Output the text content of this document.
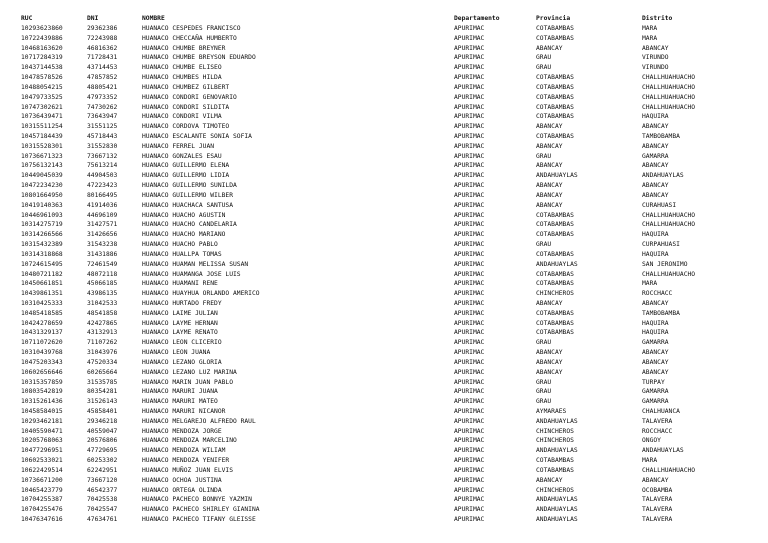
RUC	DNI	NOMBRE	Departamento	Provincia	Distrito
10293623860	29362386	HUANACO CESPEDES FRANCISCO	APURIMAC	COTABAMBAS	MARA
10722439886	72243988	HUANACO CHECCAÑA HUMBERTO	APURIMAC	COTABAMBAS	MARA
10468163620	46816362	HUANACO CHUMBE BREYNER	APURIMAC	ABANCAY	ABANCAY
10717284319	71728431	HUANACO CHUMBE BREYSON EDUARDO	APURIMAC	GRAU	VIRUNDO
10437144538	43714453	HUANACO CHUMBE ELISEO	APURIMAC	GRAU	VIRUNDO
10478578526	47857852	HUANACO CHUMBES HILDA	APURIMAC	COTABAMBAS	CHALLHUAHUACHO
10488054215	48805421	HUANACO CHUMBEZ GILBERT	APURIMAC	COTABAMBAS	CHALLHUAHUACHO
10479733525	47973352	HUANACO CONDORI GENOVARIO	APURIMAC	COTABAMBAS	CHALLHUAHUACHO
10747302621	74730262	HUANACO CONDORI SILDITA	APURIMAC	COTABAMBAS	CHALLHUAHUACHO
10736439471	73643947	HUANACO CONDORI VILMA	APURIMAC	COTABAMBAS	HAQUIRA
10315511254	31551125	HUANACO CORDOVA TIMOTEO	APURIMAC	ABANCAY	ABANCAY
10457184439	45718443	HUANACO ESCALANTE SONIA SOFIA	APURIMAC	COTABAMBAS	TAMBOBAMBA
10315528301	31552830	HUANACO FERREL JUAN	APURIMAC	ABANCAY	ABANCAY
10736671323	73667132	HUANACO GONZALES ESAU	APURIMAC	GRAU	GAMARRA
10756132143	75613214	HUANACO GUILLERMO ELENA	APURIMAC	ABANCAY	ABANCAY
10449045039	44904503	HUANACO GUILLERMO LIDIA	APURIMAC	ANDAHUAYLAS	ANDAHUAYLAS
10472234230	47223423	HUANACO GUILLERMO SUNILDA	APURIMAC	ABANCAY	ABANCAY
10801664950	80166495	HUANACO GUILLERMO WILBER	APURIMAC	ABANCAY	ABANCAY
10419140363	41914036	HUANACO HUACHACA SANTUSA	APURIMAC	ABANCAY	CURAHUASI
10446961093	44696109	HUANACO HUACHO AGUSTIN	APURIMAC	COTABAMBAS	CHALLHUAHUACHO
10314275719	31427571	HUANACO HUACHO CANDELARIA	APURIMAC	COTABAMBAS	CHALLHUAHUACHO
10314266566	31426656	HUANACO HUACHO MARIANO	APURIMAC	COTABAMBAS	HAQUIRA
10315432389	31543238	HUANACO HUACHO PABLO	APURIMAC	GRAU	CURPAHUASI
10314318868	31431886	HUANACO HUALLPA TOMAS	APURIMAC	COTABAMBAS	HAQUIRA
10724615495	72461549	HUANACO HUAMAN MELISSA SUSAN	APURIMAC	ANDAHUAYLAS	SAN JERONIMO
10480721182	48072118	HUANACO HUAMANGA JOSE LUIS	APURIMAC	COTABAMBAS	CHALLHUAHUACHO
10450661851	45066185	HUANACO HUAMANI RENE	APURIMAC	COTABAMBAS	MARA
10439861351	43986135	HUANACO HUAYHUA ORLANDO AMERICO	APURIMAC	CHINCHEROS	ROCCHACC
10310425333	31042533	HUANACO HURTADO FREDY	APURIMAC	ABANCAY	ABANCAY
10485418585	48541858	HUANACO LAIME JULIAN	APURIMAC	COTABAMBAS	TAMBOBAMBA
10424278659	42427865	HUANACO LAYME HERNAN	APURIMAC	COTABAMBAS	HAQUIRA
10431329137	43132913	HUANACO LAYME RENATO	APURIMAC	COTABAMBAS	HAQUIRA
10711072620	71107262	HUANACO LEON CLICERIO	APURIMAC	GRAU	GAMARRA
10310439768	31043976	HUANACO LEON JUANA	APURIMAC	ABANCAY	ABANCAY
10475203343	47520334	HUANACO LEZANO GLORIA	APURIMAC	ABANCAY	ABANCAY
10602656646	60265664	HUANACO LEZANO LUZ MARINA	APURIMAC	ABANCAY	ABANCAY
10315357859	31535785	HUANACO MARIN JUAN PABLO	APURIMAC	GRAU	TURPAY
10803542819	80354281	HUANACO MARURI JUANA	APURIMAC	GRAU	GAMARRA
10315261436	31526143	HUANACO MARURI MATEO	APURIMAC	GRAU	GAMARRA
10458584015	45858401	HUANACO MARURI NICANOR	APURIMAC	AYMARAES	CHALHUANCA
10293462181	29346218	HUANACO MELGAREJO ALFREDO RAUL	APURIMAC	ANDAHUAYLAS	TALAVERA
10405590471	40559047	HUANACO MENDOZA JORGE	APURIMAC	CHINCHEROS	ROCCHACC
10205768063	20576806	HUANACO MENDOZA MARCELINO	APURIMAC	CHINCHEROS	ONGOY
10477296951	47729695	HUANACO MENDOZA WILIAM	APURIMAC	ANDAHUAYLAS	ANDAHUAYLAS
10602533021	60253302	HUANACO MENDOZA YENIFER	APURIMAC	COTABAMBAS	MARA
10622429514	62242951	HUANACO MUÑOZ JUAN ELVIS	APURIMAC	COTABAMBAS	CHALLHUAHUACHO
10736671200	73667120	HUANACO OCHOA JUSTINA	APURIMAC	ABANCAY	ABANCAY
10465423779	46542377	HUANACO ORTEGA OLINDA	APURIMAC	CHINCHEROS	OCOBAMBA
10704255387	70425538	HUANACO PACHECO BONNYE YAZMIN	APURIMAC	ANDAHUAYLAS	TALAVERA
10704255476	70425547	HUANACO PACHECO SHIRLEY GIANINA	APURIMAC	ANDAHUAYLAS	TALAVERA
10476347616	47634761	HUANACO PACHECO TIFANY GLEISSE	APURIMAC	ANDAHUAYLAS	TALAVERA
